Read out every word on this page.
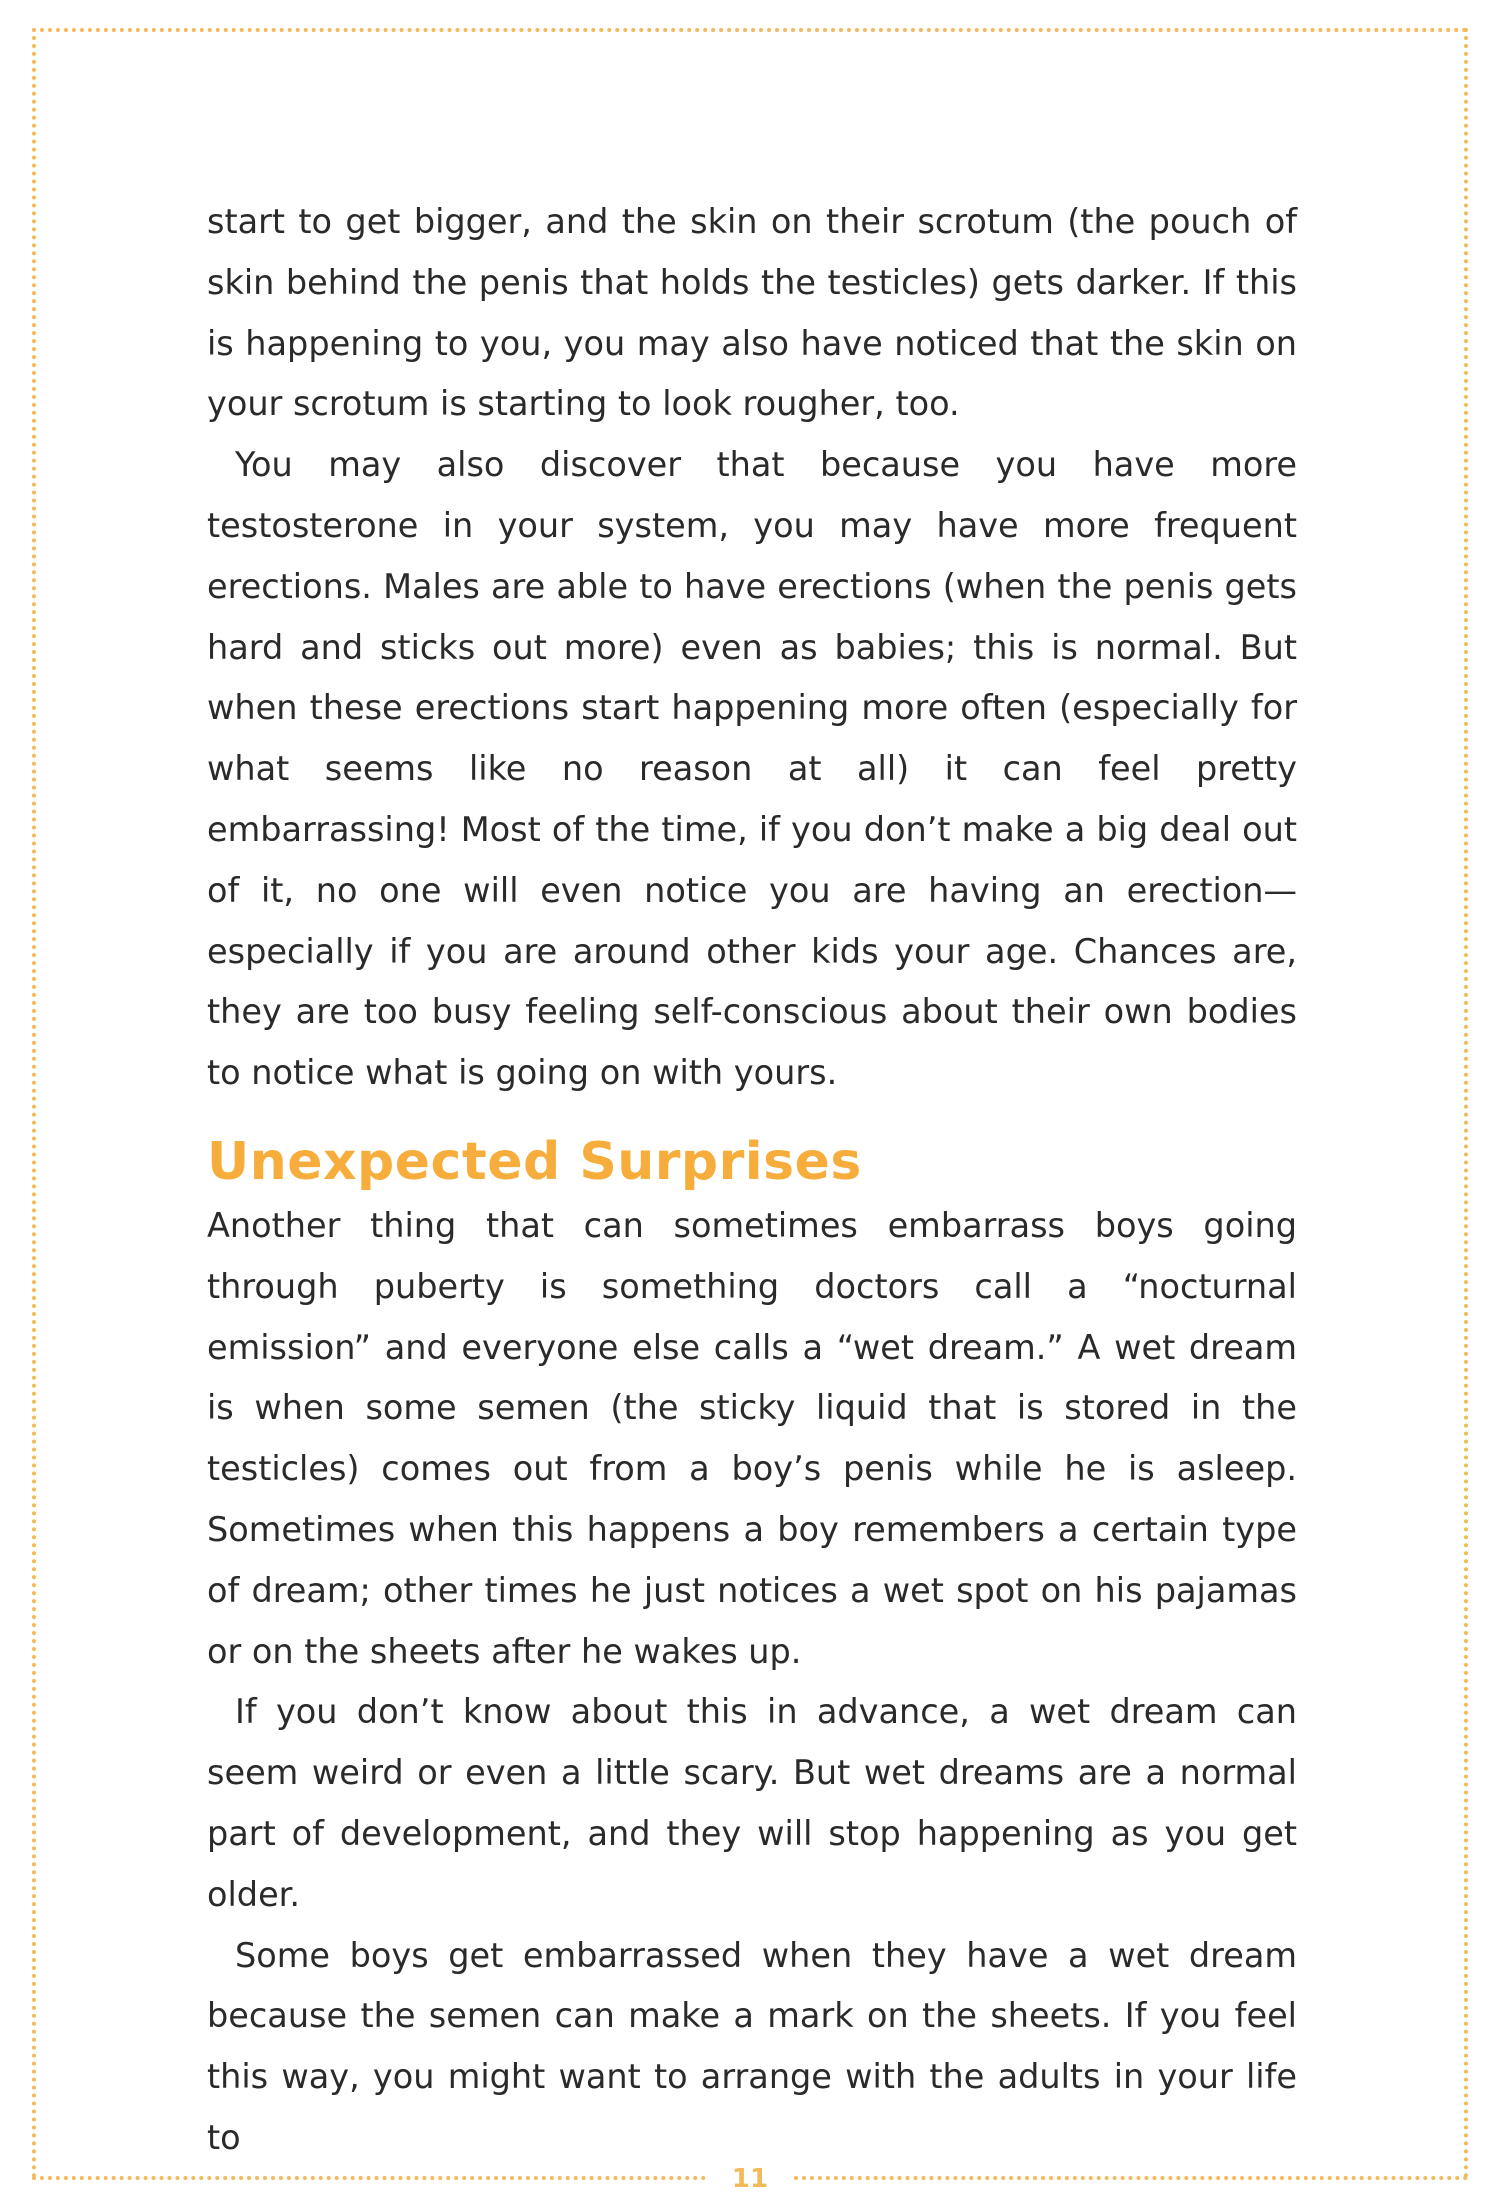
start to get bigger, and the skin on their scrotum (the pouch of skin behind the penis that holds the testicles) gets darker. If this is happening to you, you may also have noticed that the skin on your scrotum is starting to look rougher, too.

You may also discover that because you have more testosterone in your system, you may have more frequent erections. Males are able to have erections (when the penis gets hard and sticks out more) even as babies; this is normal. But when these erections start happening more often (especially for what seems like no reason at all) it can feel pretty embarrassing! Most of the time, if you don’t make a big deal out of it, no one will even notice you are having an erection—especially if you are around other kids your age. Chances are, they are too busy feeling self-conscious about their own bodies to notice what is going on with yours.

Unexpected Surprises

Another thing that can sometimes embarrass boys going through puberty is something doctors call a “nocturnal emission” and everyone else calls a “wet dream.” A wet dream is when some semen (the sticky liquid that is stored in the testicles) comes out from a boy’s penis while he is asleep. Sometimes when this happens a boy remembers a certain type of dream; other times he just notices a wet spot on his pajamas or on the sheets after he wakes up.

If you don’t know about this in advance, a wet dream can seem weird or even a little scary. But wet dreams are a normal part of development, and they will stop happening as you get older.

Some boys get embarrassed when they have a wet dream because the semen can make a mark on the sheets. If you feel this way, you might want to arrange with the adults in your life to

11
